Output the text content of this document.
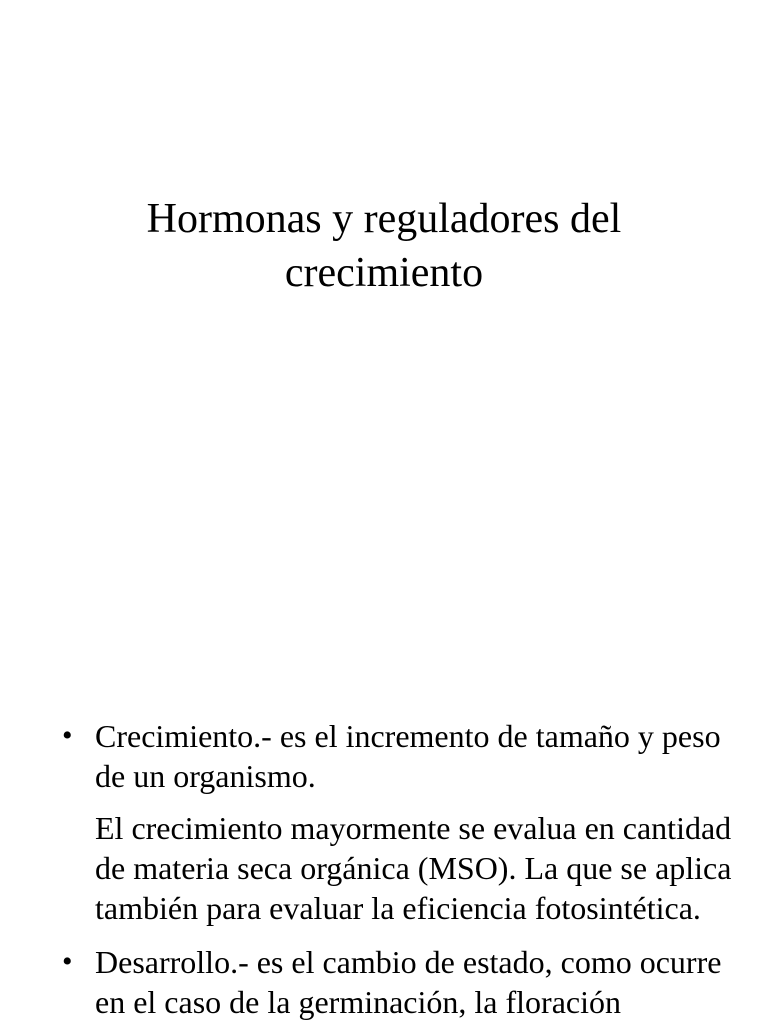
Hormonas y reguladores del
crecimiento
• Crecimiento.- es el incremento de tamaño y peso de un organismo.
El crecimiento mayormente se evalua en cantidad de materia seca orgánica (MSO). La que se aplica también para evaluar la eficiencia fotosintética.
• Desarrollo.- es el cambio de estado, como ocurre en el caso de la germinación, la floración
